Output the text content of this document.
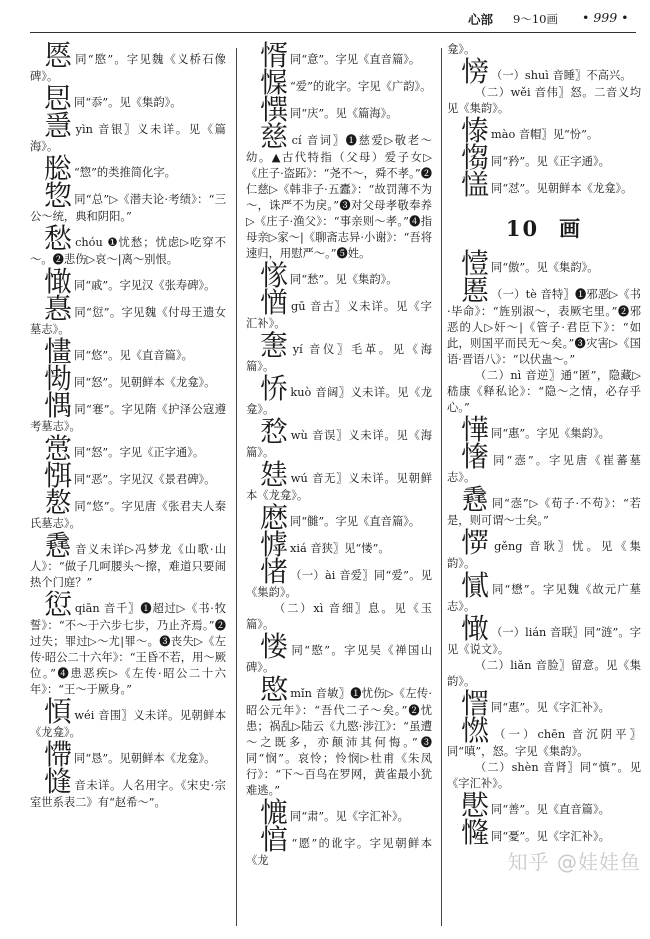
心部 9～10画 • 999 •
㥦同“愍”。字见魏《义桥石像碑》。
㤙同“忝”。见《集韵》。
㥯yìn 音银〗义未详。见《篇海》。
㥖 “惣”的类推简化字。
惣同“总”▷《潜夫论·考绩》：“三公～统，典和阴阳。”
愁chóu ❶忧愁；忧虑▷吃穿不～。❷悲伤▷哀～|离～别恨。
㦑同“戚”。字见汉《张寿碑》。
㥲同“愆”。字见魏《付母王遗女墓志》。
㦎同“悠”。见《直音篇》。
㤼同“怒”。见朝鲜本《龙龛》。
㥥同“寋”。字见隋《护泽公寇遵考墓志》。
㦂同“怒”。字见《正字通》。
㥝同“恶”。字见汉《景君碑》。
㥿同“悠”。字见唐《张君夫人秦氏墓志》。
㦌音义未详▷冯梦龙《山歌·山人》：“做子几呵腰头～擦，难道只要闹热个门庭？”
愆qiān 音千〗❶超过▷《书·牧誓》：“不～于六步七步，乃止齐焉。”❷过失；罪过▷～尤|罪～。❸丧失▷《左传·昭公二十六年》：“王昏不若，用～厥位。”❹患恶疾▷《左传·昭公二十六年》：“王～于厥身。”
㥧wéi 音围〗义未详。见朝鲜本《龙龛》。
㦅同“恳”。见朝鲜本《龙龛》。
㦀音未详。人名用字。《宋史·宗室世系表二》有“赵希～”。
㥠同“意”。字见《直音篇》。
㥡 “爱”的讹字。字见《广韵》。
㦏同“庆”。见《篇海》。
慈cí 音词〗❶慈爱▷敬老～幼。▲古代特指（父母）爱子女▷《庄子·盗跖》：“尧不～，舜不孝。”❷仁慈▷《韩非子·五蠹》：“故罚薄不为～，诛严不为戾。”❸对父母孝敬奉养▷《庄子·渔父》：“事亲则～孝。”❹指母亲▷家～|《聊斋志异·小谢》：“吾将速归，用慰严～。”❺姓。
㥞同“愁”。见《集韵》。
㥢gū 音古〗义未详。见《字汇补》。
㥣yí 音仪〗毛革。见《海篇》。
㤭kuò 音阔〗义未详。见《龙龛》。
㥤wù 音误〗义未详。见《海篇》。
㥨wú 音无〗义未详。见朝鲜本《龙龛》。
㦄同“雠”。字见《直音篇》。
㦆xiá 音狭〗见“㥪”。
㥩 （一）ài 音爱〗同“爱”。见《集韵》。
（二）xì 音细〗息。见《玉篇》。
㥪同“愍”。字见吴《禅国山碑》。
愍mǐn 音敏〗❶忧伤▷《左传·昭公元年》：“吾代二子～矣。”❷忧患；祸乱▷陆云《九愍·涉江》：“虽遭～之既多，亦颠沛其何悔。”❸同“悯”。哀怜；怜悯▷杜甫《朱凤行》：“下～百鸟在罗网，黄雀最小犹难逃。”
㦇同“肃”。见《字汇补》。
㥫 “愿”的讹字。字见朝鲜本《龙
龛》。
㥬 （一）shuì 音睡〗不高兴。
（二）wěi 音伟〗怒。二音义均见《集韵》。
㥭mào 音帽〗见“㤋”。
㥮同“矜”。见《正字通》。
㦈同“怼”。见朝鲜本《龙龛》。
10 画
㦉同“傲”。见《集韵》。
慝 （一）tè 音特〗❶邪恶▷《书·毕命》：“旌别淑～，表厥宅里。”❷邪恶的人▷奸～|《管子·君臣下》：“如此，则国平而民无～矣。”❸灾害▷《国语·晋语八》：“以伏蛊～。”
（二）nì 音逆〗通“匿”，隐藏▷嵇康《释私论》：“隐～之情，必存乎心。”
㦊同“惠”。字见《集韵》。
㦋同“悫”。字见唐《崔蕃墓志》。
㦌同“悫”▷《荀子·不苟》：“若是，则可谓～士矣。”
㦍gěng 音耿〗忧。见《集韵》。
㦐同“懋”。字见魏《故元广墓志》。
㦑 （一）lián 音联〗同“涟”。字见《说文》。
（二）liǎn 音脸〗留意。见《集韵》。
㦒同“惠”。见《字汇补》。
㦓 （一）chēn 音沉阴平〗同“嗔”，怒。字见《集韵》。
（二）shèn 音肾〗同“慎”。见《字汇补》。
㦔同“善”。见《直音篇》。
㦕同“憂”。见《字汇补》。
知乎 @娃娃鱼
